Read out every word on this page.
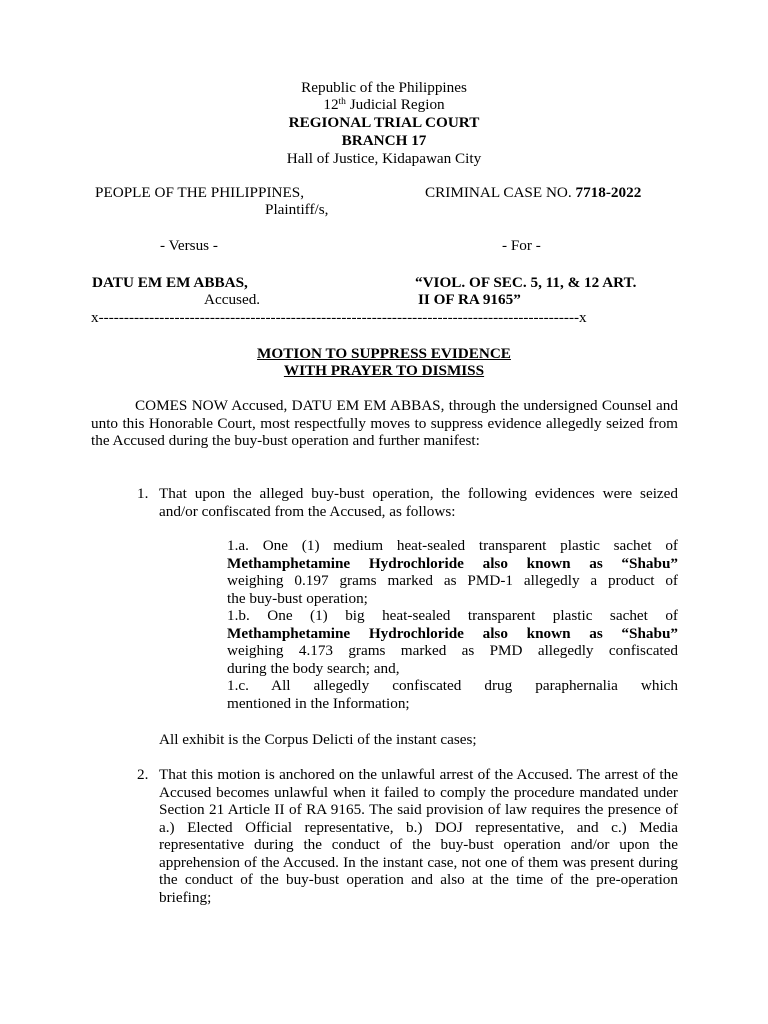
Republic of the Philippines
12th Judicial Region
REGIONAL TRIAL COURT
BRANCH 17
Hall of Justice, Kidapawan City
PEOPLE OF THE PHILIPPINES,
Plaintiff/s,
CRIMINAL CASE NO. 7718-2022
- Versus -	- For -
DATU EM EM ABBAS,
Accused.
“VIOL. OF SEC. 5, 11, & 12 ART.
II OF RA 9165”
x-----------------------------------------------------------------------------------------------x
MOTION TO SUPPRESS EVIDENCE
WITH PRAYER TO DISMISS
COMES NOW Accused, DATU EM EM ABBAS, through the undersigned Counsel and unto this Honorable Court, most respectfully moves to suppress evidence allegedly seized from the Accused during the buy-bust operation and further manifest:
1. That upon the alleged buy-bust operation, the following evidences were seized and/or confiscated from the Accused, as follows:
1.a. One (1) medium heat-sealed transparent plastic sachet of
Methamphetamine Hydrochloride also known as “Shabu”
weighing 0.197 grams marked as PMD-1 allegedly a product of
the buy-bust operation;
1.b. One (1) big heat-sealed transparent plastic sachet of
Methamphetamine Hydrochloride also known as “Shabu”
weighing 4.173 grams marked as PMD allegedly confiscated
during the body search; and,
1.c. All allegedly confiscated drug paraphernalia which
mentioned in the Information;
All exhibit is the Corpus Delicti of the instant cases;
2. That this motion is anchored on the unlawful arrest of the Accused. The arrest of the Accused becomes unlawful when it failed to comply the procedure mandated under Section 21 Article II of RA 9165. The said provision of law requires the presence of a.) Elected Official representative, b.) DOJ representative, and c.) Media representative during the conduct of the buy-bust operation and/or upon the apprehension of the Accused. In the instant case, not one of them was present during the conduct of the buy-bust operation and also at the time of the pre-operation briefing;
